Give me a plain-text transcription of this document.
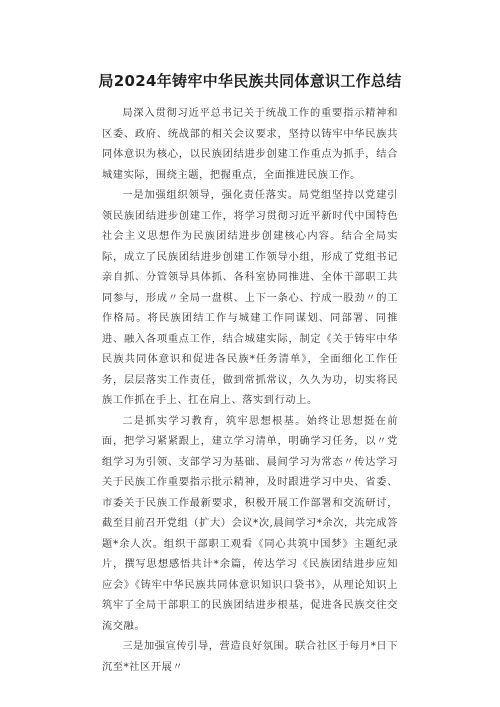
局2024年铸牢中华民族共同体意识工作总结

局深入贯彻习近平总书记关于统战工作的重要指示精神和区委、政府、统战部的相关会议要求，坚持以铸牢中华民族共同体意识为核心，以民族团结进步创建工作重点为抓手，结合城建实际，围绕主题，把握重点，全面推进民族工作。

一是加强组织领导，强化责任落实。局党组坚持以党建引领民族团结进步创建工作，将学习贯彻习近平新时代中国特色社会主义思想作为民族团结进步创建核心内容。结合全局实际，成立了民族团结进步创建工作领导小组，形成了党组书记亲自抓、分管领导具体抓、各科室协同推进、全体干部职工共同参与，形成〃全局一盘棋、上下一条心、拧成一股劲〃的工作格局。将民族团结工作与城建工作同谋划、同部署、同推进、融入各项重点工作，结合城建实际，制定《关于铸牢中华民族共同体意识和促进各民族*任务清单》，全面细化工作任务，层层落实工作责任，做到常抓常议，久久为功，切实将民族工作抓在手上、扛在肩上、落实到行动上。

二是抓实学习教育，筑牢思想根基。始终让思想挺在前面，把学习紧紧跟上，建立学习清单，明确学习任务，以〃党组学习为引领、支部学习为基础、晨间学习为常态〃传达学习关于民族工作重要指示批示精神，及时跟进学习中央、省委、市委关于民族工作最新要求，积极开展工作部署和交流研讨，截至目前召开党组（扩大）会议*次,晨间学习*余次，共完成答题*余人次。组织干部职工观看《同心共筑中国梦》主题纪录片，撰写思想感悟共计*余篇，传达学习《民族团结进步应知应会》《铸牢中华民族共同体意识知识口袋书》，从理论知识上筑牢了全局干部职工的民族团结进步根基，促进各民族交往交流交融。

三是加强宣传引导，营造良好氛围。联合社区于每月*日下沉至*社区开展〃
